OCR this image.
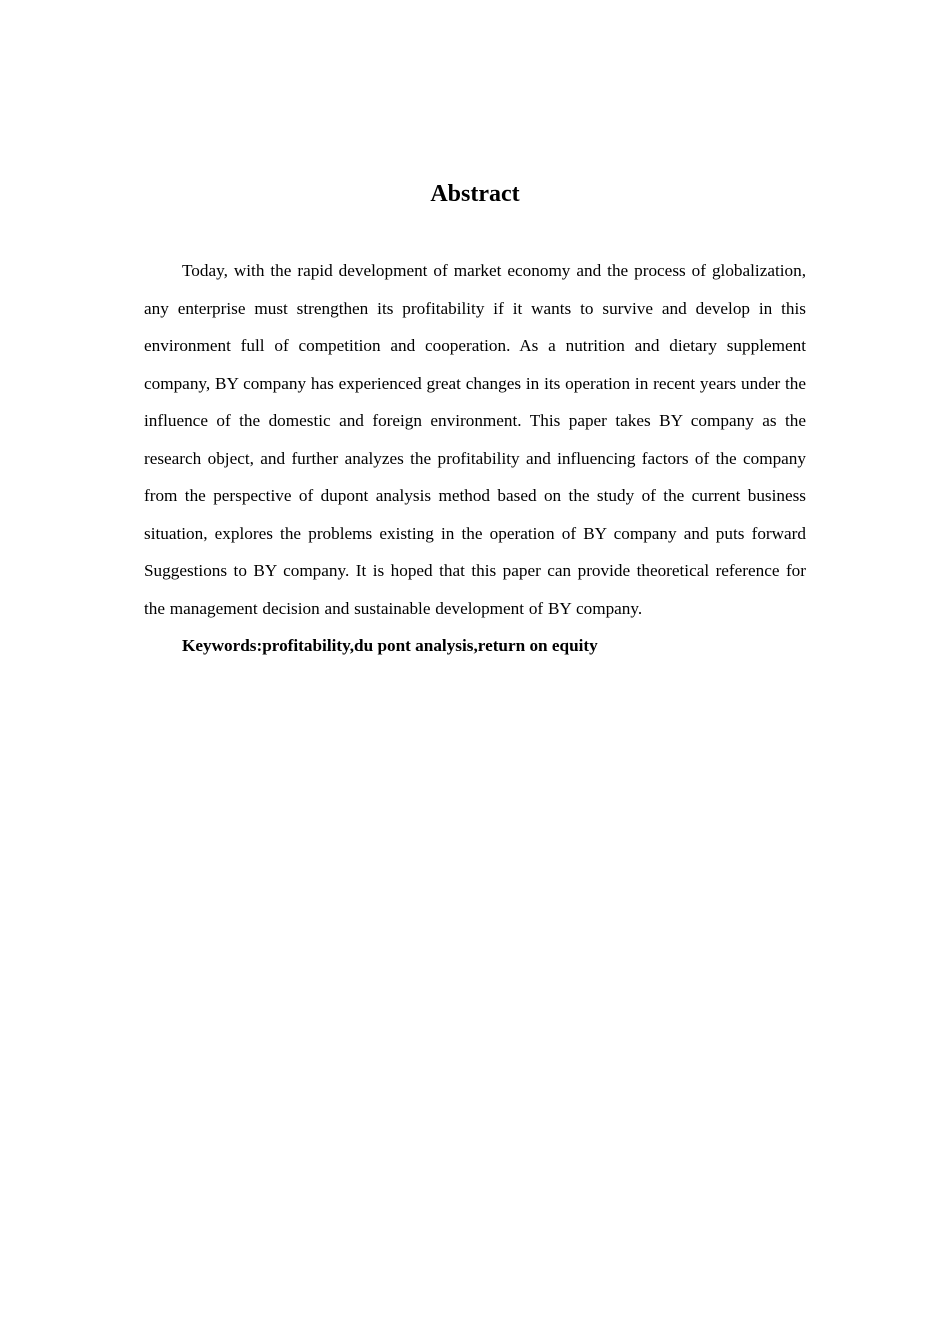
Abstract

Today, with the rapid development of market economy and the process of globalization, any enterprise must strengthen its profitability if it wants to survive and develop in this environment full of competition and cooperation. As a nutrition and dietary supplement company, BY company has experienced great changes in its operation in recent years under the influence of the domestic and foreign environment. This paper takes BY company as the research object, and further analyzes the profitability and influencing factors of the company from the perspective of dupont analysis method based on the study of the current business situation, explores the problems existing in the operation of BY company and puts forward Suggestions to BY company. It is hoped that this paper can provide theoretical reference for the management decision and sustainable development of BY company.

Keywords:profitability,du pont analysis,return on equity
